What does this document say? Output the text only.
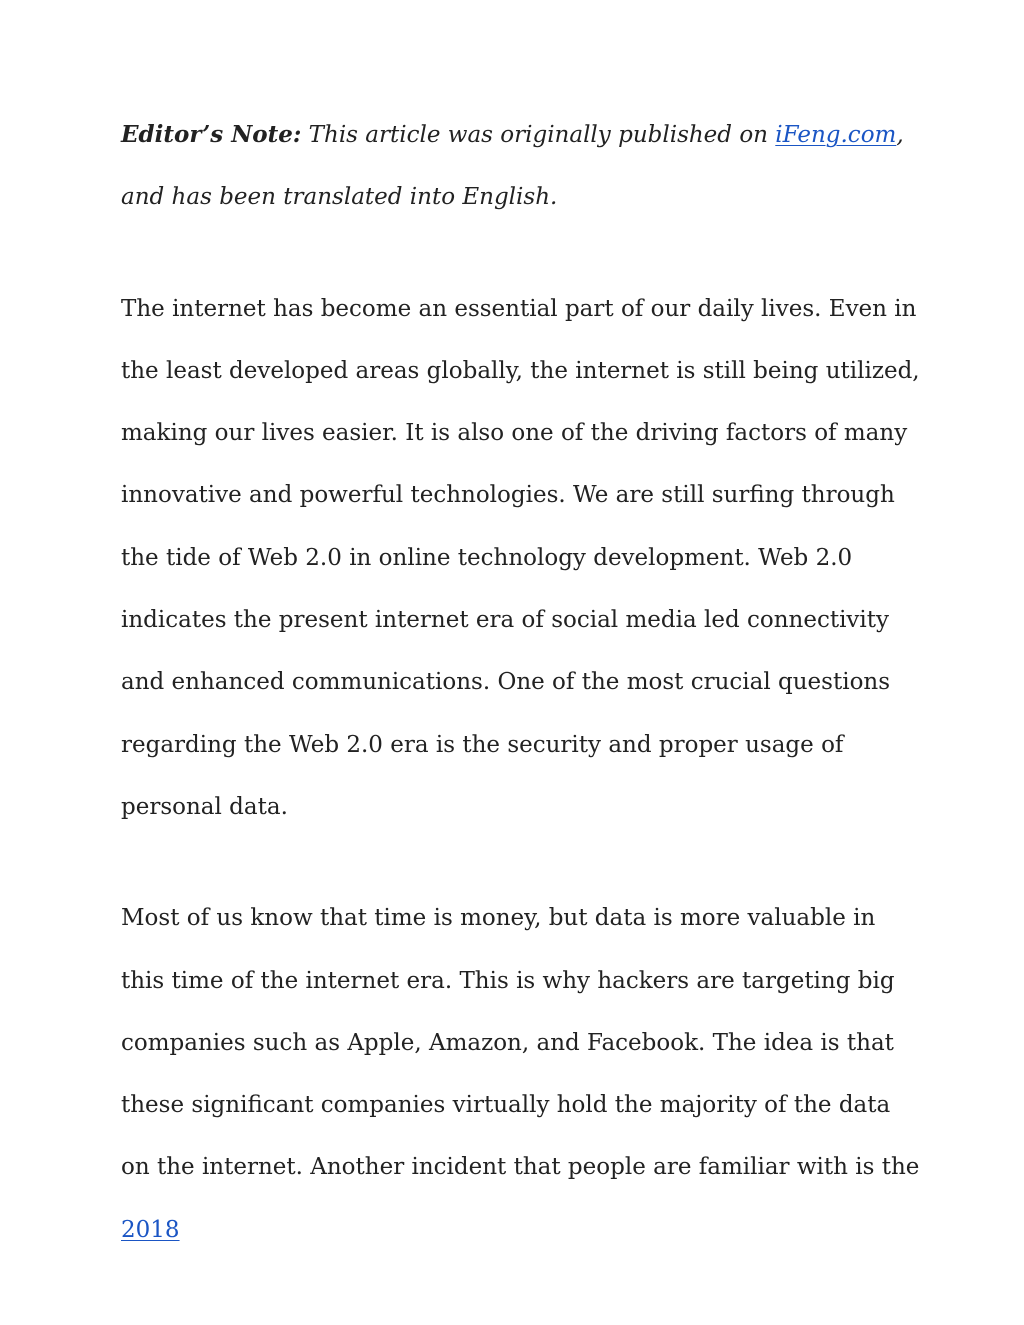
Editor’s Note: This article was originally published on iFeng.com, and has been translated into English.

The internet has become an essential part of our daily lives. Even in the least developed areas globally, the internet is still being utilized, making our lives easier. It is also one of the driving factors of many innovative and powerful technologies. We are still surfing through the tide of Web 2.0 in online technology development. Web 2.0 indicates the present internet era of social media led connectivity and enhanced communications. One of the most crucial questions regarding the Web 2.0 era is the security and proper usage of personal data.

Most of us know that time is money, but data is more valuable in this time of the internet era. This is why hackers are targeting big companies such as Apple, Amazon, and Facebook. The idea is that these significant companies virtually hold the majority of the data on the internet. Another incident that people are familiar with is the 2018
